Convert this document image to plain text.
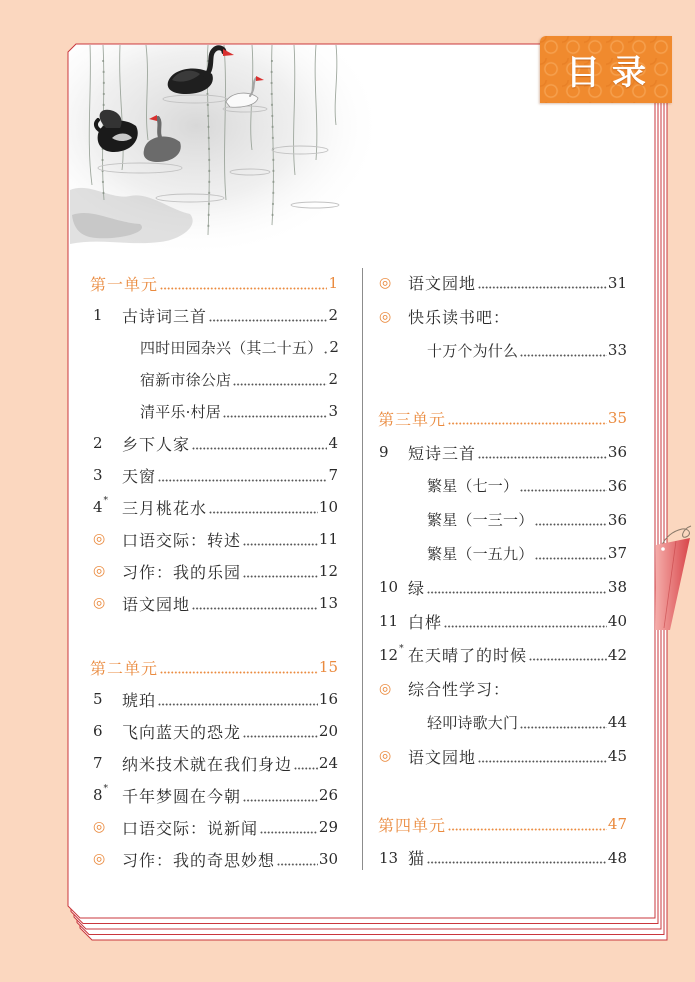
目录
第一单元	1
1 古诗词三首	2
四时田园杂兴（其二十五） 2
宿新市徐公店	2
清平乐·村居	3
2 乡下人家	4
3 天窗	7
4* 三月桃花水	10
◎ 口语交际：转述	11
◎ 习作：我的乐园	12
◎ 语文园地	13
第二单元	15
5 琥珀	16
6 飞向蓝天的恐龙	20
7 纳米技术就在我们身边 24
8* 千年梦圆在今朝	26
◎ 口语交际：说新闻	29
◎ 习作：我的奇思妙想	30
◎ 语文园地	31
◎ 快乐读书吧：
十万个为什么	33
第三单元	35
9 短诗三首	36
繁星（七一）	36
繁星（一三一）	36
繁星（一五九）	37
10 绿	38
11 白桦	40
12* 在天晴了的时候	42
◎ 综合性学习：
轻叩诗歌大门	44
◎ 语文园地	45
第四单元	47
13 猫	48
